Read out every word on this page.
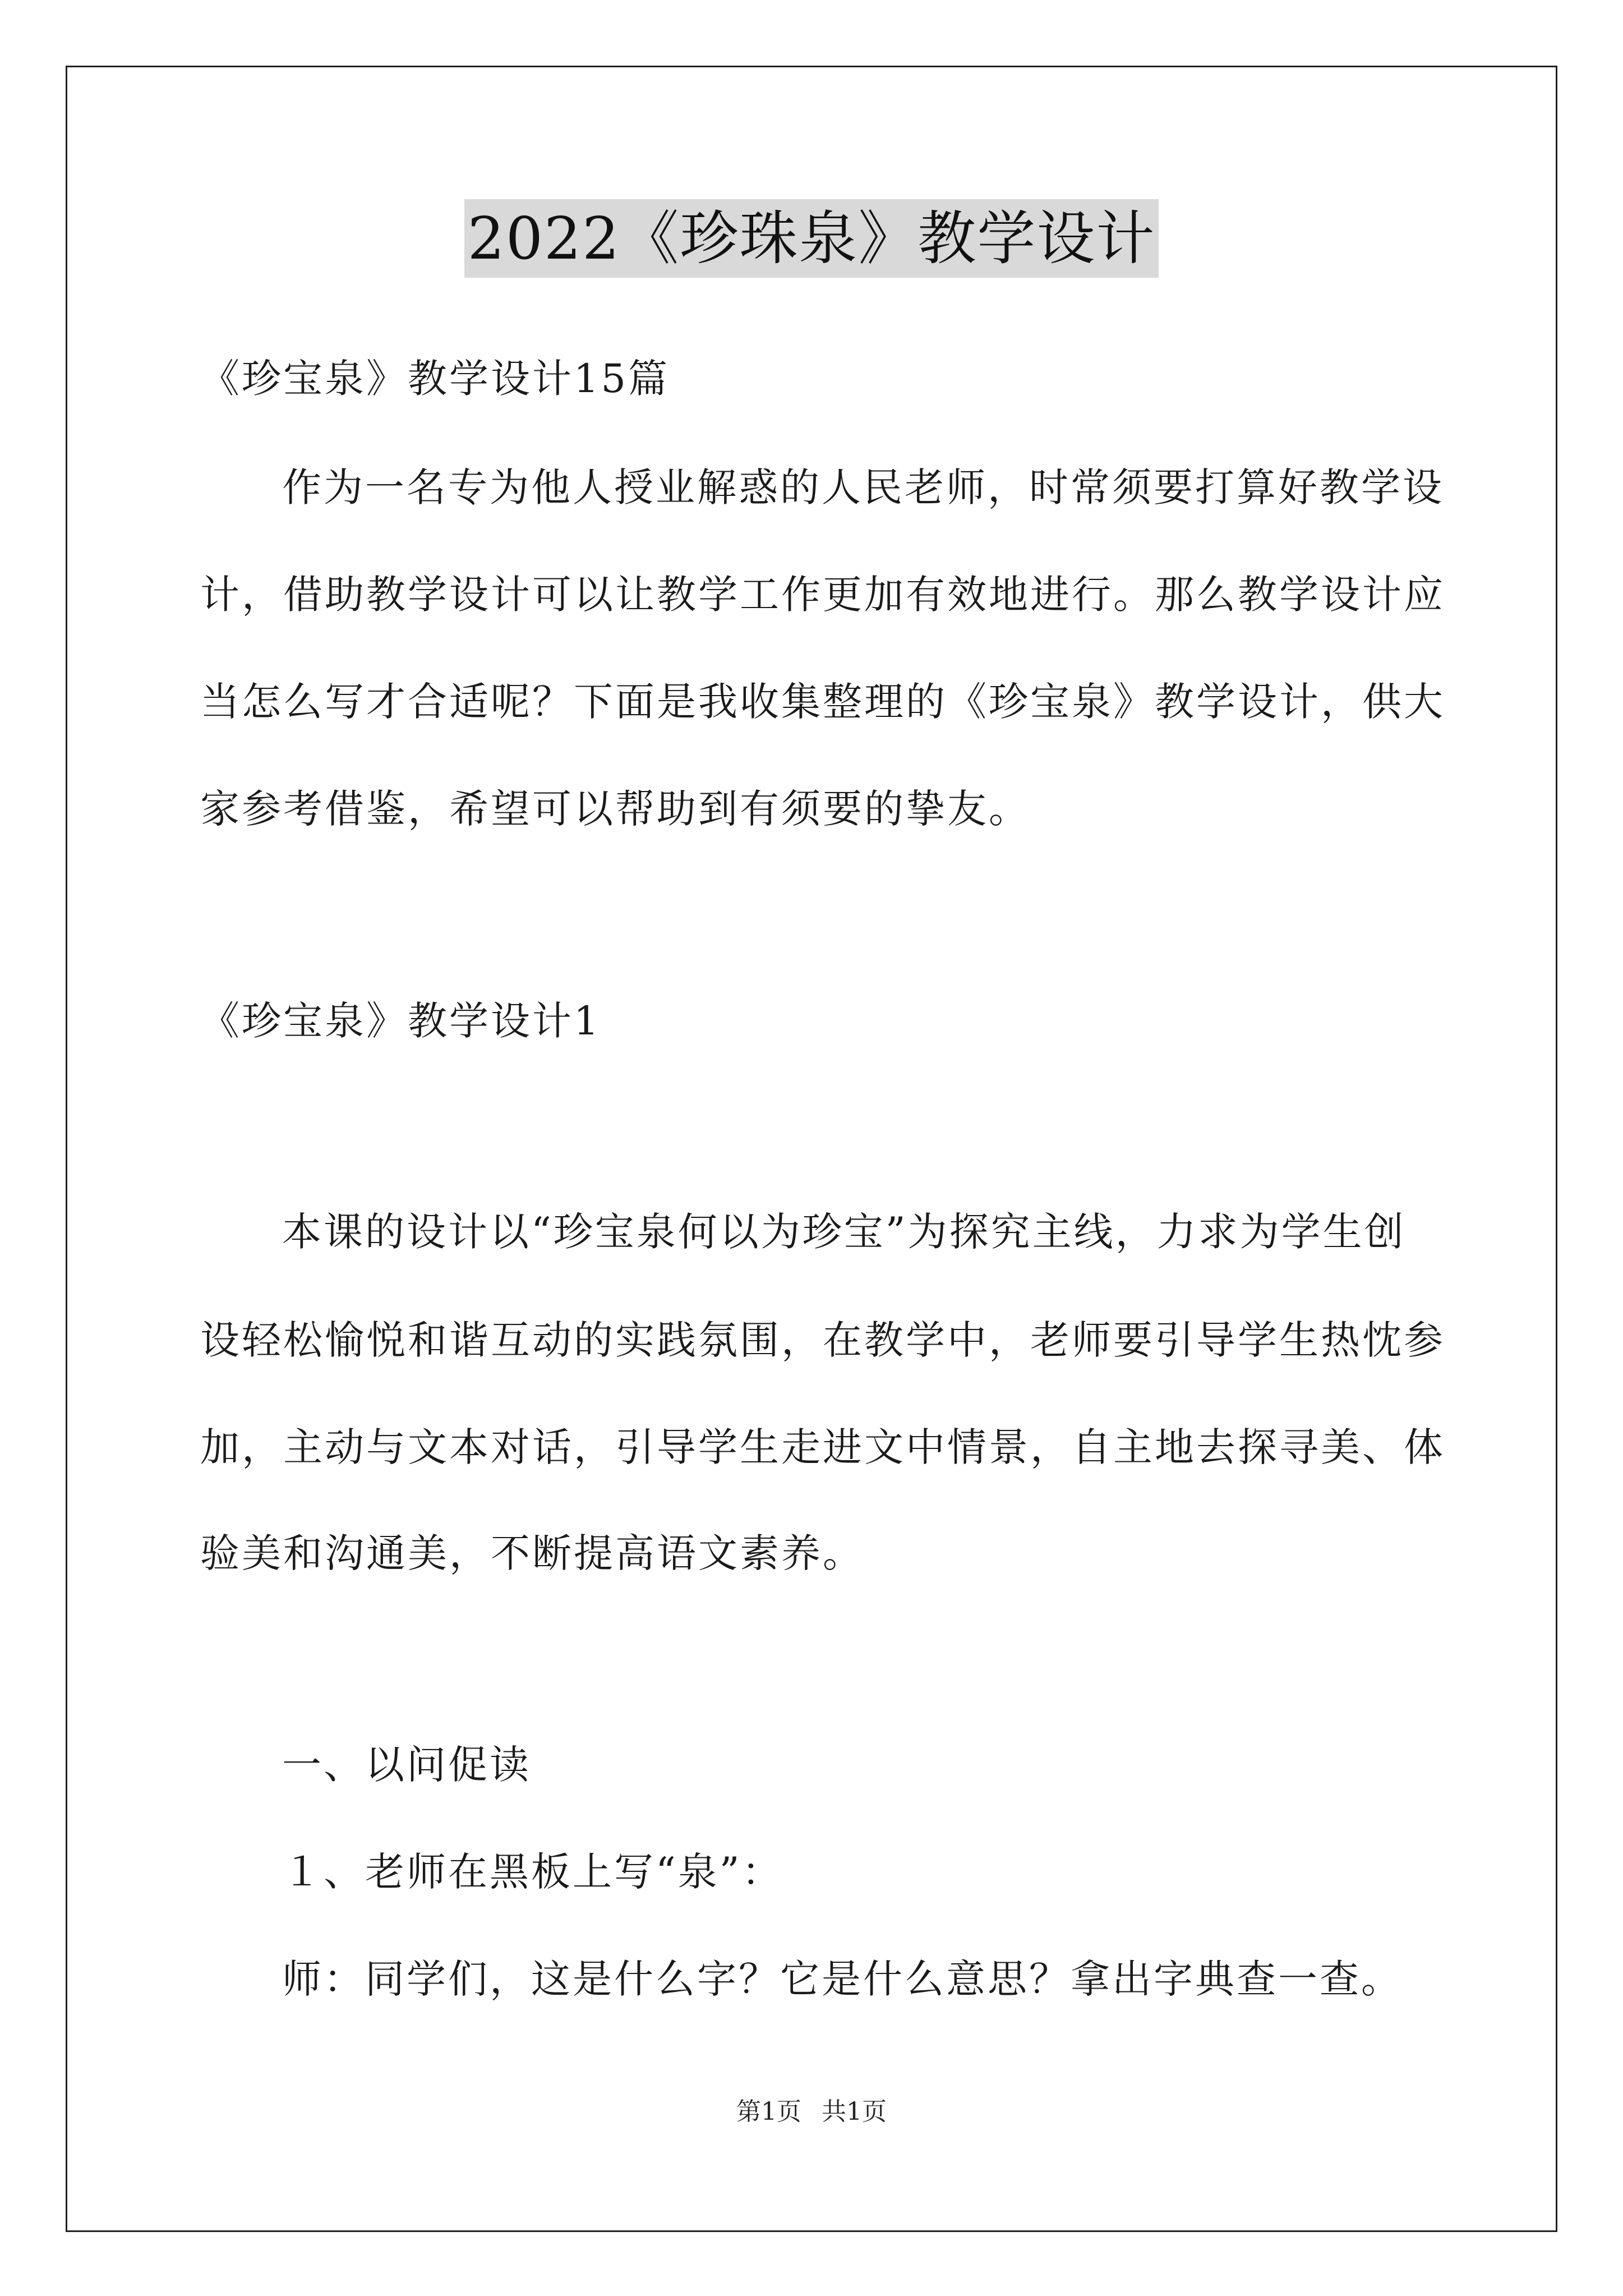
2022《珍珠泉》教学设计
《珍宝泉》教学设计15篇
作为一名专为他人授业解惑的人民老师，时常须要打算好教学设
计，借助教学设计可以让教学工作更加有效地进行。那么教学设计应
当怎么写才合适呢？下面是我收集整理的《珍宝泉》教学设计，供大
家参考借鉴，希望可以帮助到有须要的挚友。
《珍宝泉》教学设计1
本课的设计以“珍宝泉何以为珍宝”为探究主线，力求为学生创
设轻松愉悦和谐互动的实践氛围，在教学中，老师要引导学生热忱参
加，主动与文本对话，引导学生走进文中情景，自主地去探寻美、体
验美和沟通美，不断提高语文素养。
一、以问促读
１、老师在黑板上写“泉”：
师：同学们，这是什么字？它是什么意思？拿出字典查一查。
第1页 共1页
